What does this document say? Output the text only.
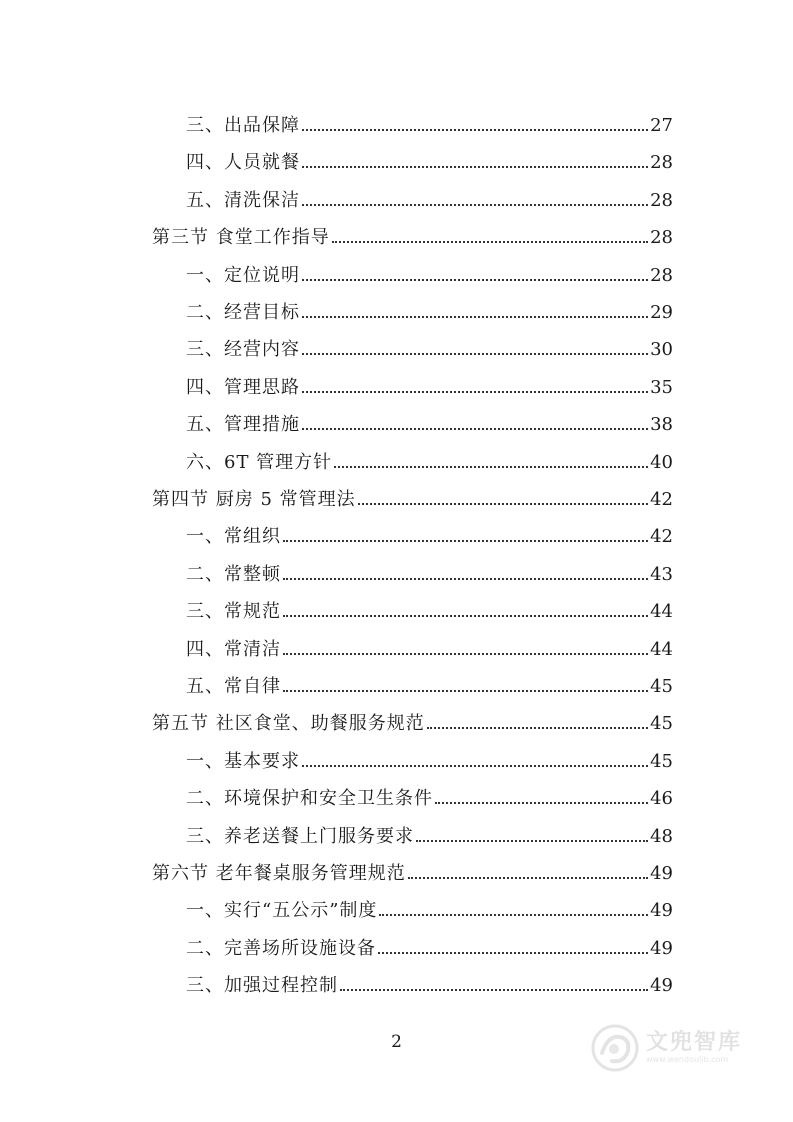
三、出品保障	27
四、人员就餐	28
五、清洗保洁	28
第三节 食堂工作指导	28
一、定位说明	28
二、经营目标	29
三、经营内容	30
四、管理思路	35
五、管理措施	38
六、6T 管理方针	40
第四节 厨房 5 常管理法	42
一、常组织	42
二、常整顿	43
三、常规范	44
四、常清洁	44
五、常自律	45
第五节 社区食堂、助餐服务规范	45
一、基本要求	45
二、环境保护和安全卫生条件	46
三、养老送餐上门服务要求	48
第六节 老年餐桌服务管理规范	49
一、实行“五公示”制度	49
二、完善场所设施设备	49
三、加强过程控制	49
2	文兜智库
www.wendoulib.com
